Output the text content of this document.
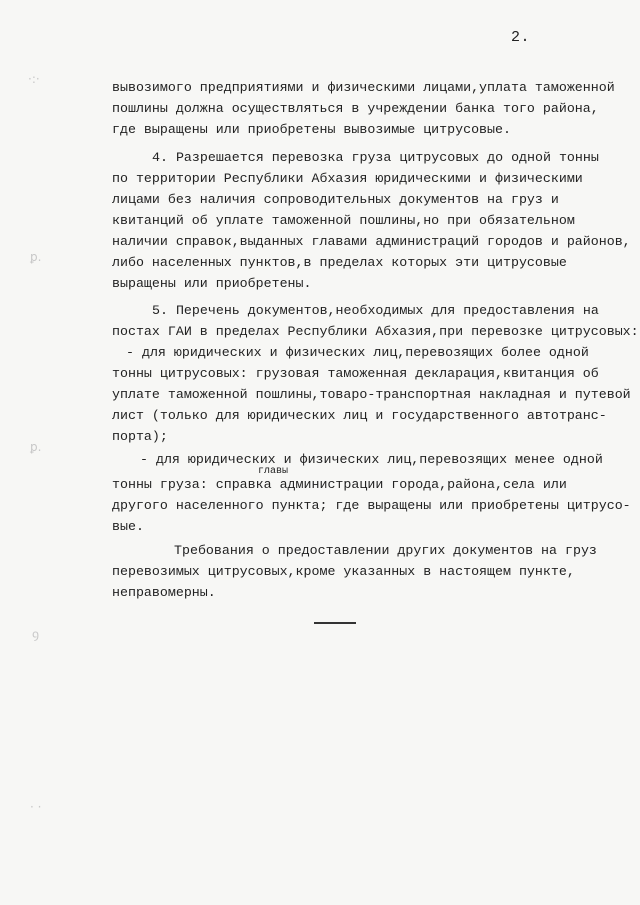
2.
вывозимого предприятиями и физическими лицами,уплата таможенной
пошлины должна осуществляться в учреждении банка того района,
где выращены или приобретены вывозимые цитрусовые.
4. Разрешается перевозка груза цитрусовых до одной тонны
по территории Республики Абхазия юридическими и физическими
лицами без наличия сопроводительных документов на груз и
квитанций об уплате таможенной пошлины,но при обязательном
наличии справок,выданных главами администраций городов и районов,
либо населенных пунктов,в пределах которых эти цитрусовые
выращены или приобретены.
5. Перечень документов,необходимых для предоставления на
постах ГАИ в пределах Республики Абхазия,при перевозке цитрусовых:
- для юридических и физических лиц,перевозящих более одной
тонны цитрусовых: грузовая таможенная декларация,квитанция об
уплате таможенной пошлины,товаро-транспортная накладная и путевой
лист (только для юридических лиц и государственного автотранс-
порта);
- для юридических и физических лиц,перевозящих менее одной
главы
тонны груза: справка администрации города,района,села или
другого населенного пункта; где выращены или приобретены цитрусо-
вые.
Требования о предоставлении других документов на груз
перевозимых цитрусовых,кроме указанных в настоящем пункте,
неправомерны.
·:·
ꝑ.
ꝑ.
ꝯ
· ·
